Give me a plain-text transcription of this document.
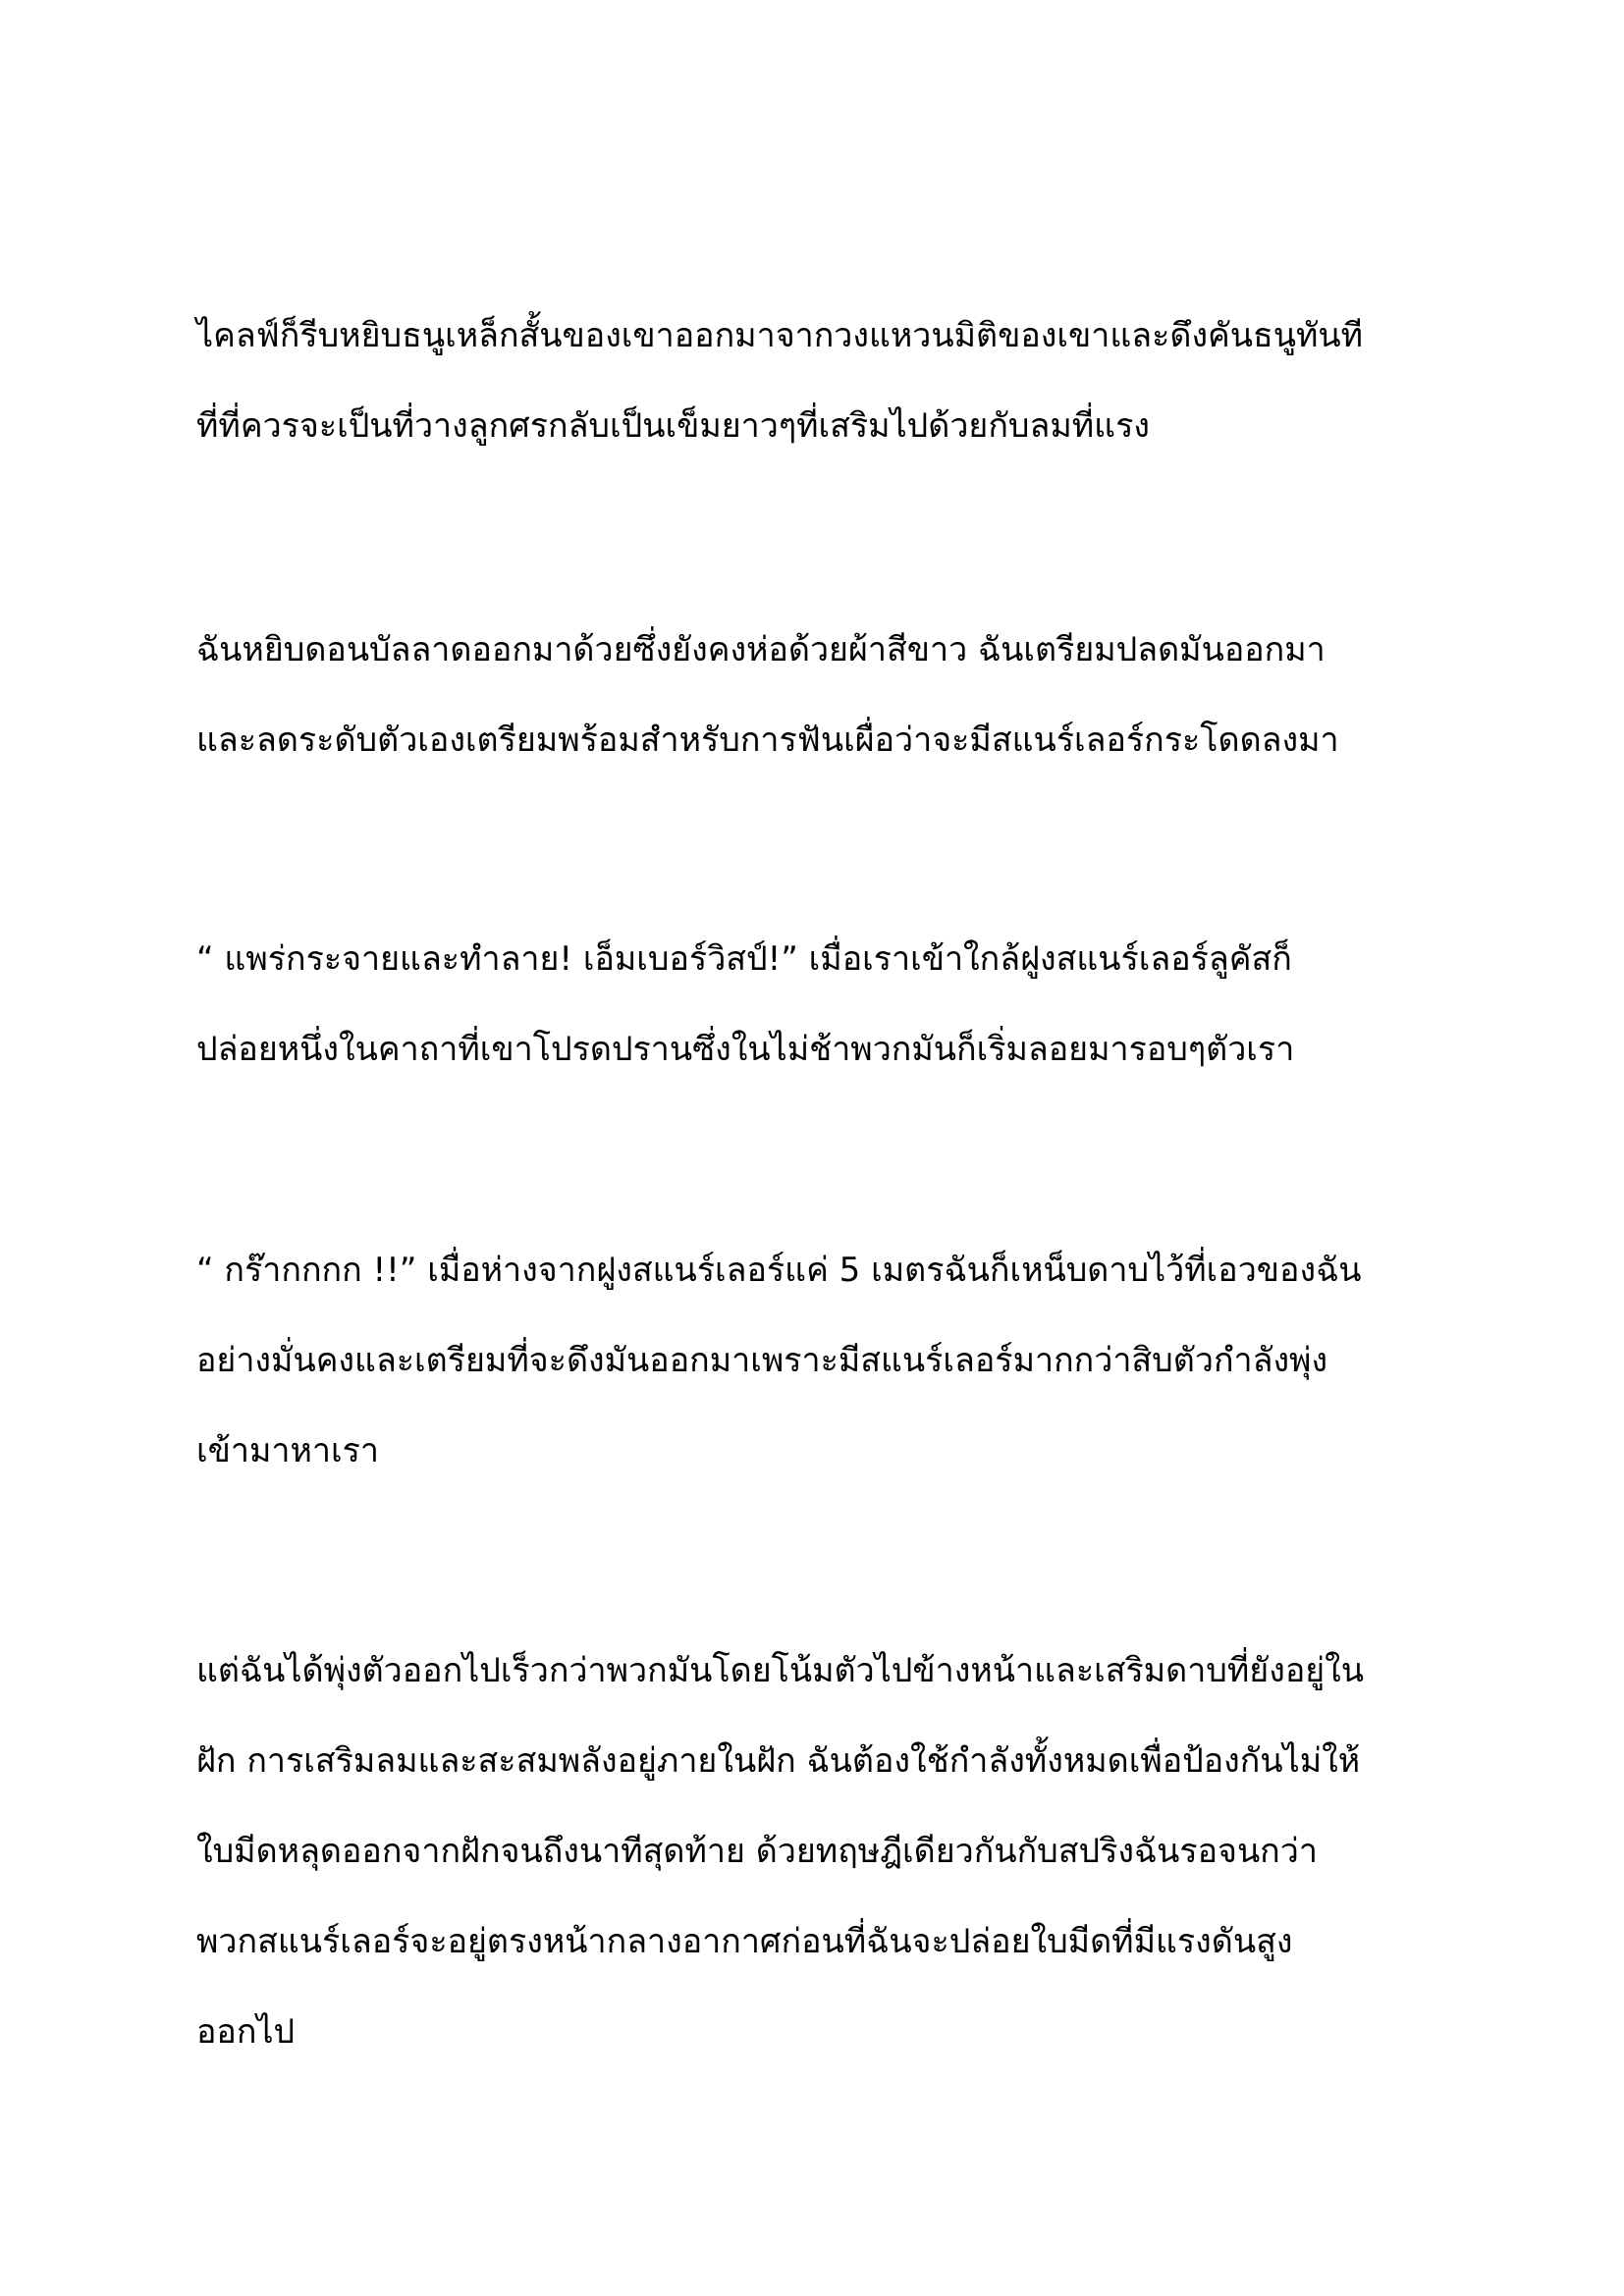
ไคลฟ์ก็รีบหยิบธนูเหล็กสั้นของเขาออกมาจากวงแหวนมิติของเขาและดึงคันธนูทันที
ที่ที่ควรจะเป็นที่วางลูกศรกลับเป็นเข็มยาวๆที่เสริมไปด้วยกับลมที่แรง
ฉันหยิบดอนบัลลาดออกมาด้วยซึ่งยังคงห่อด้วยผ้าสีขาว ฉันเตรียมปลดมันออกมา
และลดระดับตัวเองเตรียมพร้อมสำหรับการฟันเผื่อว่าจะมีสแนร์เลอร์กระโดดลงมา
“ แพร่กระจายและทำลาย! เอ็มเบอร์วิสป์!” เมื่อเราเข้าใกล้ฝูงสแนร์เลอร์ลูคัสก็
ปล่อยหนึ่งในคาถาที่เขาโปรดปรานซึ่งในไม่ช้าพวกมันก็เริ่มลอยมารอบๆตัวเรา
“ กร๊ากกกก !!” เมื่อห่างจากฝูงสแนร์เลอร์แค่ 5 เมตรฉันก็เหน็บดาบไว้ที่เอวของฉัน
อย่างมั่นคงและเตรียมที่จะดึงมันออกมาเพราะมีสแนร์เลอร์มากกว่าสิบตัวกำลังพุ่ง
เข้ามาหาเรา
แต่ฉันได้พุ่งตัวออกไปเร็วกว่าพวกมันโดยโน้มตัวไปข้างหน้าและเสริมดาบที่ยังอยู่ใน
ฝัก การเสริมลมและสะสมพลังอยู่ภายในฝัก ฉันต้องใช้กำลังทั้งหมดเพื่อป้องกันไม่ให้
ใบมีดหลุดออกจากฝักจนถึงนาทีสุดท้าย ด้วยทฤษฎีเดียวกันกับสปริงฉันรอจนกว่า
พวกสแนร์เลอร์จะอยู่ตรงหน้ากลางอากาศก่อนที่ฉันจะปล่อยใบมีดที่มีแรงดันสูง
ออกไป
